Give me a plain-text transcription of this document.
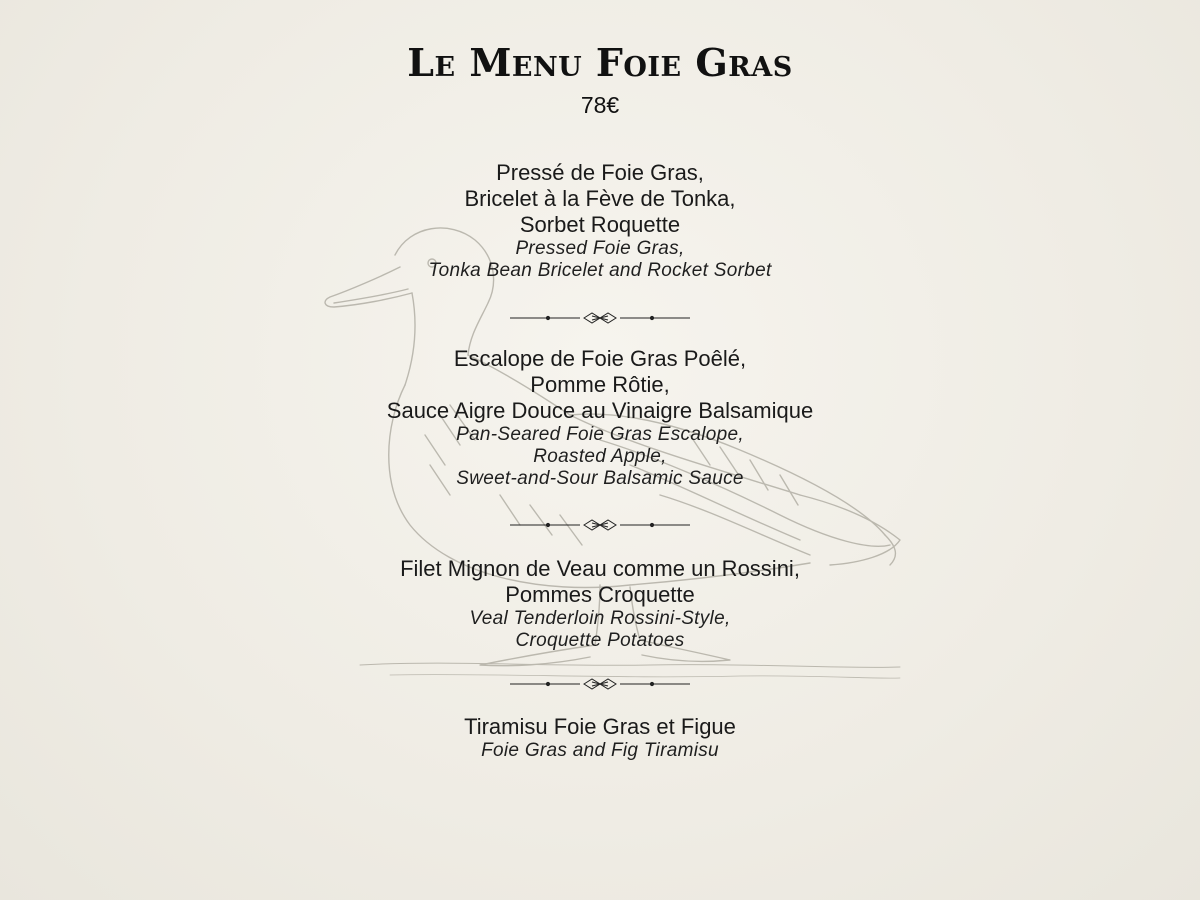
Le Menu Foie Gras
78€
Pressé de Foie Gras,
Bricelet à la Fève de Tonka,
Sorbet Roquette
Pressed Foie Gras,
Tonka Bean Bricelet and Rocket Sorbet
Escalope de Foie Gras Poêlé,
Pomme Rôtie,
Sauce Aigre Douce au Vinaigre Balsamique
Pan-Seared Foie Gras Escalope,
Roasted Apple,
Sweet-and-Sour Balsamic Sauce
Filet Mignon de Veau comme un Rossini,
Pommes Croquette
Veal Tenderloin Rossini-Style,
Croquette Potatoes
Tiramisu Foie Gras et Figue
Foie Gras and Fig Tiramisu
